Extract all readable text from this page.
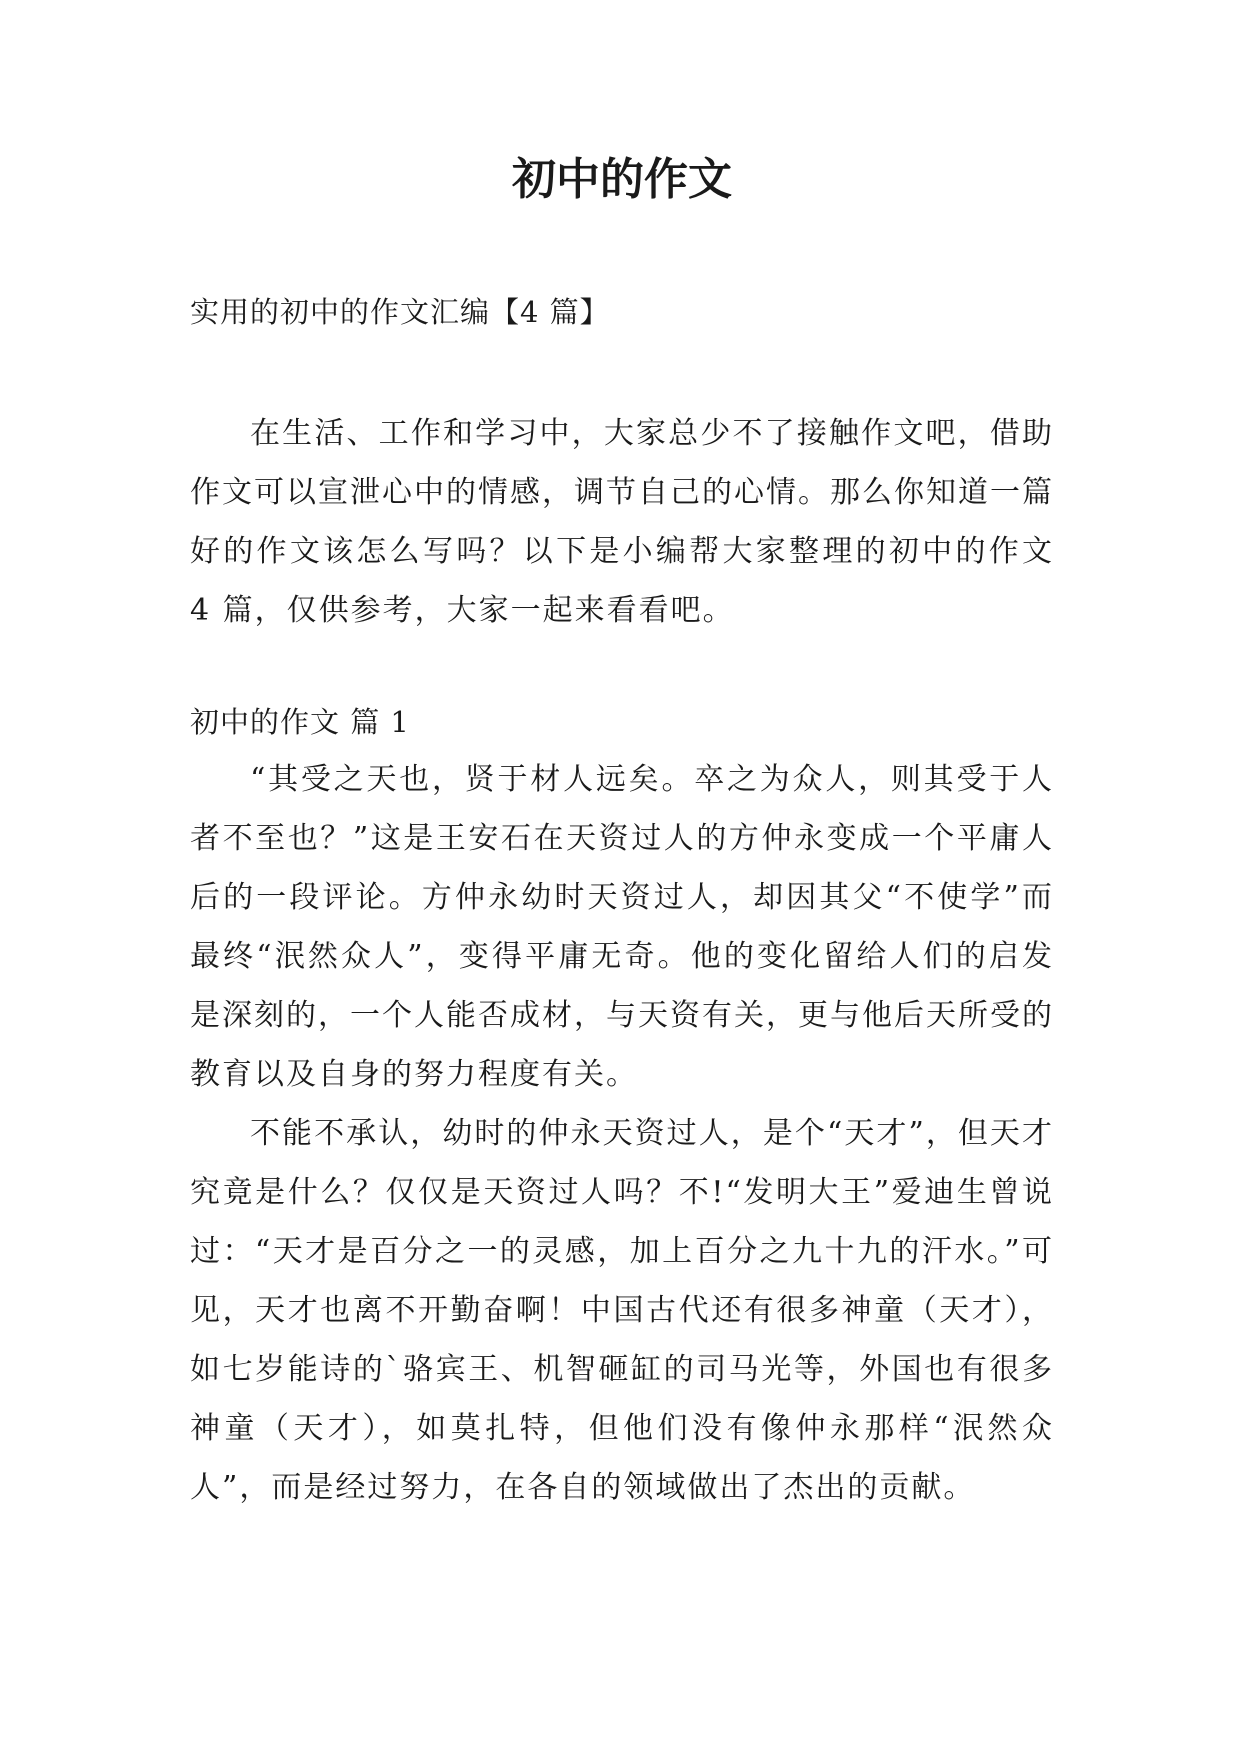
初中的作文

实用的初中的作文汇编【4 篇】

在生活、工作和学习中，大家总少不了接触作文吧，借助作文可以宣泄心中的情感，调节自己的心情。那么你知道一篇好的作文该怎么写吗？以下是小编帮大家整理的初中的作文 4 篇，仅供参考，大家一起来看看吧。

初中的作文 篇 1

“其受之天也，贤于材人远矣。卒之为众人，则其受于人者不至也？”这是王安石在天资过人的方仲永变成一个平庸人后的一段评论。方仲永幼时天资过人，却因其父“不使学”而最终“泯然众人”，变得平庸无奇。他的变化留给人们的启发是深刻的，一个人能否成材，与天资有关，更与他后天所受的教育以及自身的努力程度有关。

不能不承认，幼时的仲永天资过人，是个“天才”，但天才究竟是什么？仅仅是天资过人吗？不!“发明大王”爱迪生曾说过：“天才是百分之一的灵感，加上百分之九十九的汗水。”可见，天才也离不开勤奋啊！中国古代还有很多神童（天才），如七岁能诗的`骆宾王、机智砸缸的司马光等，外国也有很多神童（天才），如莫扎特，但他们没有像仲永那样“泯然众人”，而是经过努力，在各自的领域做出了杰出的贡献。
